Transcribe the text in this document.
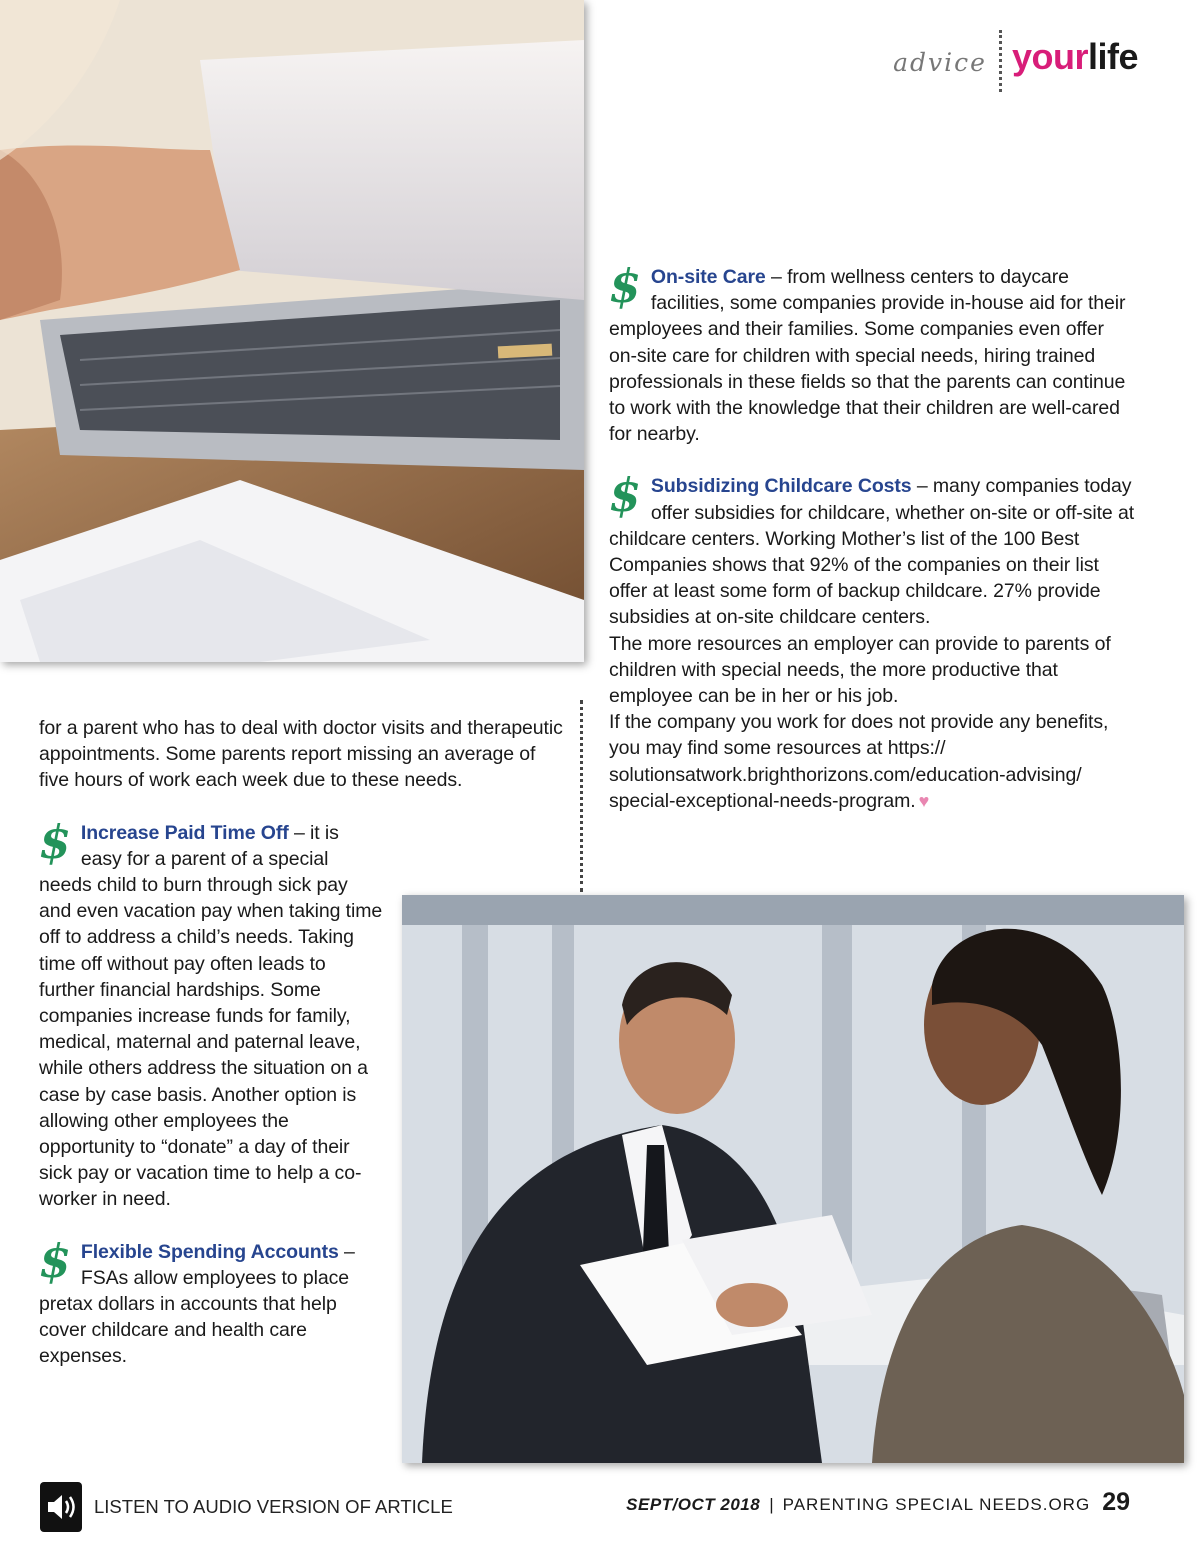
advice yourlife

$ On-site Care – from wellness centers to daycare facilities, some companies provide in-house aid for their employees and their families. Some companies even offer on-site care for children with special needs, hiring trained professionals in these fields so that the parents can continue to work with the knowledge that their children are well-cared for nearby.

$ Subsidizing Childcare Costs – many companies today offer subsidies for childcare, whether on-site or off-site at childcare centers. Working Mother’s list of the 100 Best Companies shows that 92% of the companies on their list offer at least some form of backup childcare. 27% provide subsidies at on-site childcare centers.

The more resources an employer can provide to parents of children with special needs, the more productive that employee can be in her or his job.

If the company you work for does not provide any benefits, you may find some resources at https:// solutionsatwork.brighthorizons.com/education-advising/ special-exceptional-needs-program. ♥

for a parent who has to deal with doctor visits and therapeutic appointments. Some parents report missing an average of five hours of work each week due to these needs.

$ Increase Paid Time Off – it is easy for a parent of a special needs child to burn through sick pay and even vacation pay when taking time off to address a child’s needs. Taking time off without pay often leads to further financial hardships. Some companies increase funds for family, medical, maternal and paternal leave, while others address the situation on a case by case basis. Another option is allowing other employees the opportunity to “donate” a day of their sick pay or vacation time to help a co-worker in need.

$ Flexible Spending Accounts – FSAs allow employees to place pretax dollars in accounts that help cover childcare and health care expenses.

LISTEN TO AUDIO VERSION OF ARTICLE	SEPT/OCT 2018 | PARENTING SPECIAL NEEDS.ORG 29
